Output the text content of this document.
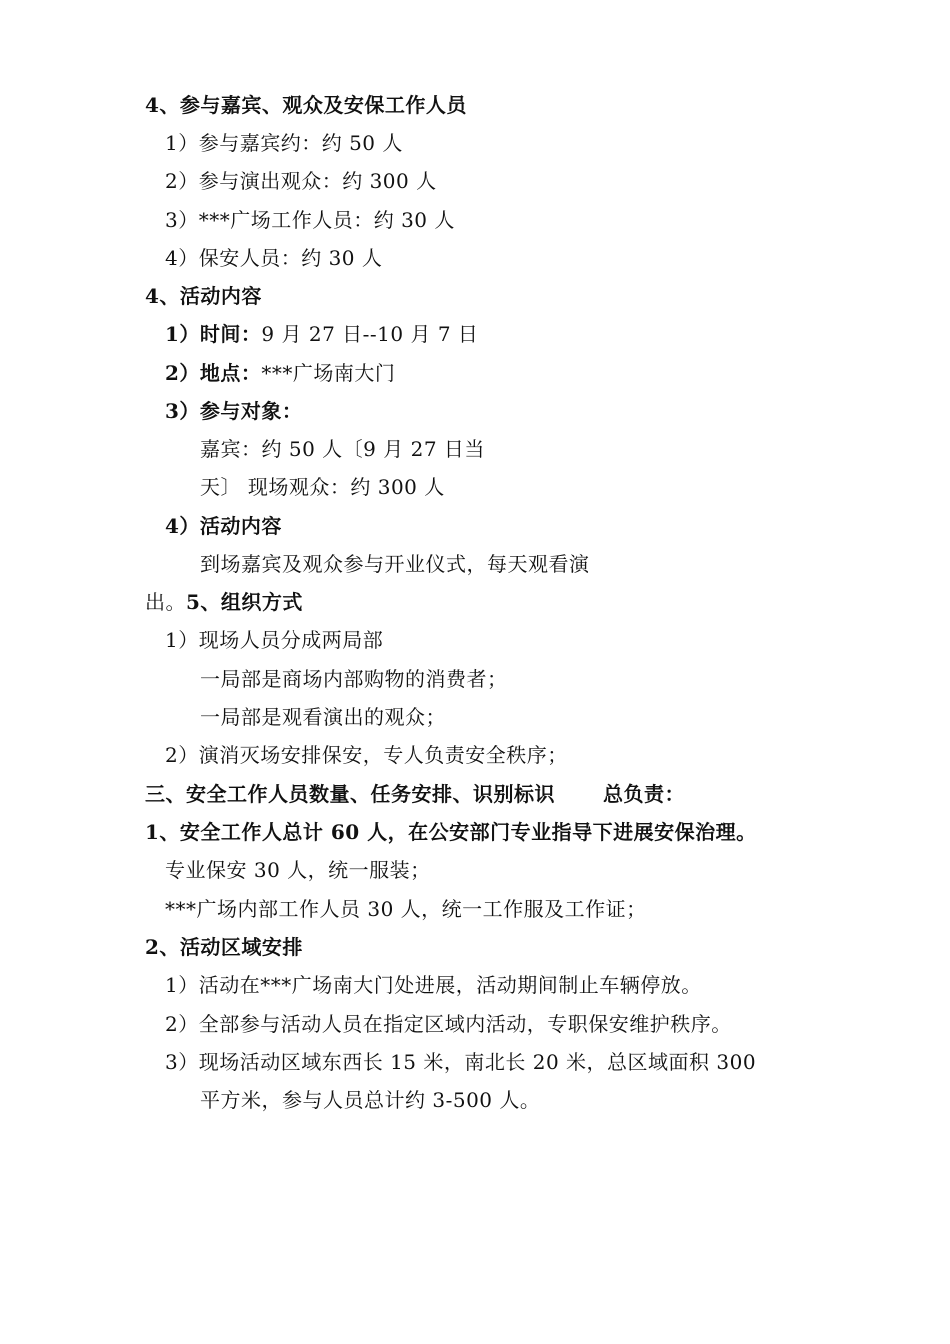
4、参与嘉宾、观众及安保工作人员
1）参与嘉宾约：约 50 人
2）参与演出观众：约 300 人
3）***广场工作人员：约 30 人
4）保安人员：约 30 人
4、活动内容
1）时间：9 月 27 日--10 月 7 日
2）地点：***广场南大门
3）参与对象：
嘉宾：约 50 人〔9 月 27 日当
天〕 现场观众：约 300 人
4）活动内容
到场嘉宾及观众参与开业仪式，每天观看演
出。5、组织方式
1）现场人员分成两局部
一局部是商场内部购物的消费者；
一局部是观看演出的观众；
2）演消灭场安排保安，专人负责安全秩序；
三、安全工作人员数量、任务安排、识别标识 总负责：
1、安全工作人总计 60 人，在公安部门专业指导下进展安保治理。
专业保安 30 人，统一服装；
***广场内部工作人员 30 人，统一工作服及工作证；
2、活动区域安排
1）活动在***广场南大门处进展，活动期间制止车辆停放。
2）全部参与活动人员在指定区域内活动，专职保安维护秩序。
3）现场活动区域东西长 15 米，南北长 20 米，总区域面积 300
平方米，参与人员总计约 3-500 人。
